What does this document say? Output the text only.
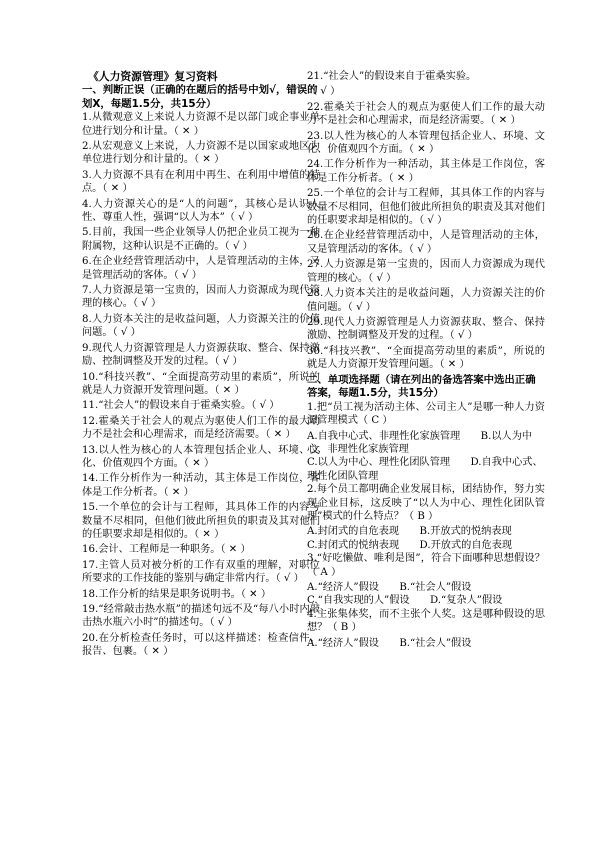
《人力资源管理》复习资料

一、判断正误（正确的在题后的括号中划√，错误的划X，每题1.5分，共15分）

1.从微观意义上来说人力资源不是以部门或企事业单位进行划分和计量。（ ✕ ）

2.从宏观意义上来说，人力资源不是以国家或地区为单位进行划分和计量的。（ ✕ ）

3.人力资源不具有在利用中再生、在利用中增值的特点。（ ✕ ）

4.人力资源关心的是“人的问题”，其核心是认识人性、尊重人性，强调“以人为本”（ √ ）

5.目前，我国一些企业领导人仍把企业员工视为一种附属物，这种认识是不正确的。（ √ ）

6.在企业经营管理活动中，人是管理活动的主体，又是管理活动的客体。（ √ ）

7.人力资源是第一宝贵的，因而人力资源成为现代管理的核心。（ √ ）

8.人力资本关注的是收益问题，人力资源关注的价值问题。（ √ ）

9.现代人力资源管理是人力资源获取、整合、保持激励、控制调整及开发的过程。（ √ ）

10.“科技兴教”、“全面提高劳动里的素质”，所说的就是人力资源开发管理问题。（ ✕ ）

11.“社会人”的假设来自于霍桑实验。（ √ ）

12.霍桑关于社会人的观点为驱使人们工作的最大动力不是社会和心理需求，而是经济需要。（ ✕ ）

13.以人性为核心的人本管理包括企业人、环境、文化、价值观四个方面。（ ✕ ）

14.工作分析作为一种活动，其主体是工作岗位，客体是工作分析者。（ ✕ ）

15.一个单位的会计与工程师，其具体工作的内容与数量不尽相同，但他们彼此所担负的职责及其对他们的任职要求却是相似的。（ ✕ ）

16.会计、工程师是一种职务。（ ✕ ）

17.主管人员对被分析的工作有双重的理解，对职位所要求的工作技能的鉴别与确定非常内行。（ √ ）

18.工作分析的结果是职务说明书。（ ✕ ）

19.“经常敲击热水瓶”的描述句远不及“每八小时内敲击热水瓶六小时”的描述句。（ √ ）

20.在分析检查任务时，可以这样描述：检查信件、报告、包裹。（ ✕ ）

21.“社会人”的假设来自于霍桑实验。

（ √ ）

22.霍桑关于社会人的观点为驱使人们工作的最大动力不是社会和心理需求，而是经济需要。（ ✕ ）

23.以人性为核心的人本管理包括企业人、环境、文化、价值观四个方面。（ ✕ ）

24.工作分析作为一种活动，其主体是工作岗位，客体是工作分析者。（ ✕ ）

25.一个单位的会计与工程师，其具体工作的内容与数量不尽相同，但他们彼此所担负的职责及其对他们的任职要求却是相似的。（ √ ）

26.在企业经营管理活动中，人是管理活动的主体，又是管理活动的客体。（ √ ）

27.人力资源是第一宝贵的，因而人力资源成为现代管理的核心。（ √ ）

28.人力资本关注的是收益问题，人力资源关注的价值问题。（ √ ）

29.现代人力资源管理是人力资源获取、整合、保持激励、控制调整及开发的过程。（ √ ）

30.“科技兴教”、“全面提高劳动里的素质”，所说的就是人力资源开发管理问题。（ ✕ ）

二、单项选择题（请在列出的备选答案中选出正确答案，每题1.5分，共15分）

1.把“员工视为活动主体、公司主人”是哪一种人力资源管理模式（ C ）

A.自我中心式、非理性化家族管理　　B.以人为中心、非理性化家族管理

C.以人为中心、理性化团队管理　　D.自我中心式、理性化团队管理

2.每个员工都明确企业发展目标，团结协作，努力实现企业目标，这反映了“以人为中心、理性化团队管理”模式的什么特点？（ B ）

A.封闭式的自危表现　　B.开放式的悦纳表现

C.封闭式的悦纳表现　　D.开放式的自危表现

3.“好吃懒做、唯利是图”，符合下面哪种思想假设？（ A ）

A.“经济人”假设　　B.“社会人”假设

C.“自我实现的人”假设　　D.“复杂人”假设

4.主张集体奖，而不主张个人奖。这是哪种假设的思想？（ B ）

A.“经济人”假设　　B.“社会人”假设
